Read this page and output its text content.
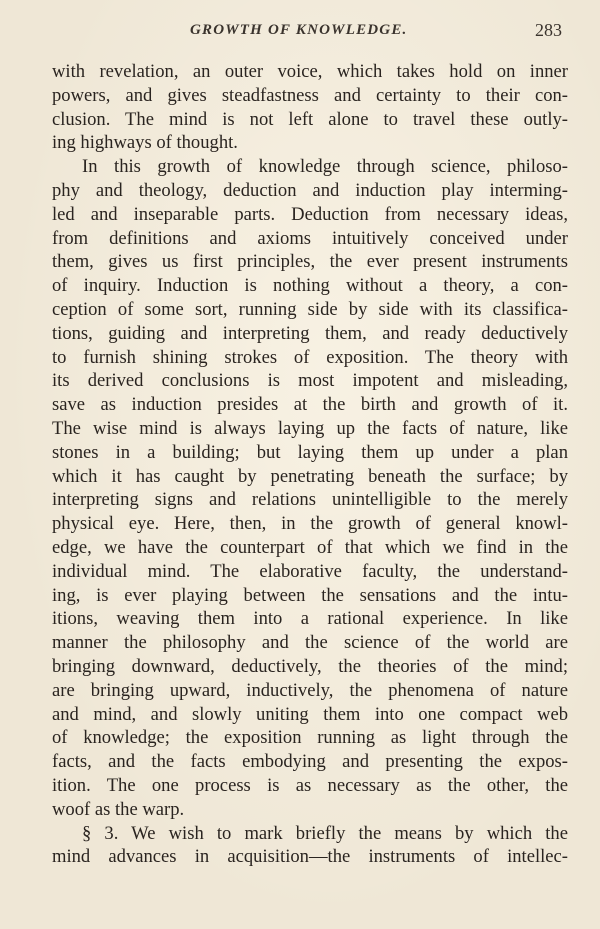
GROWTH OF KNOWLEDGE.	283
with revelation, an outer voice, which takes hold on inner
powers, and gives steadfastness and certainty to their con-
clusion. The mind is not left alone to travel these outly-
ing highways of thought.
In this growth of knowledge through science, philoso-
phy and theology, deduction and induction play interming-
led and inseparable parts. Deduction from necessary ideas,
from definitions and axioms intuitively conceived under
them, gives us first principles, the ever present instruments
of inquiry. Induction is nothing without a theory, a con-
ception of some sort, running side by side with its classifica-
tions, guiding and interpreting them, and ready deductively
to furnish shining strokes of exposition. The theory with
its derived conclusions is most impotent and misleading,
save as induction presides at the birth and growth of it.
The wise mind is always laying up the facts of nature, like
stones in a building; but laying them up under a plan
which it has caught by penetrating beneath the surface; by
interpreting signs and relations unintelligible to the merely
physical eye. Here, then, in the growth of general knowl-
edge, we have the counterpart of that which we find in the
individual mind. The elaborative faculty, the understand-
ing, is ever playing between the sensations and the intu-
itions, weaving them into a rational experience. In like
manner the philosophy and the science of the world are
bringing downward, deductively, the theories of the mind;
are bringing upward, inductively, the phenomena of nature
and mind, and slowly uniting them into one compact web
of knowledge; the exposition running as light through the
facts, and the facts embodying and presenting the expos-
ition. The one process is as necessary as the other, the
woof as the warp.
§ 3. We wish to mark briefly the means by which the
mind advances in acquisition—the instruments of intellec-
